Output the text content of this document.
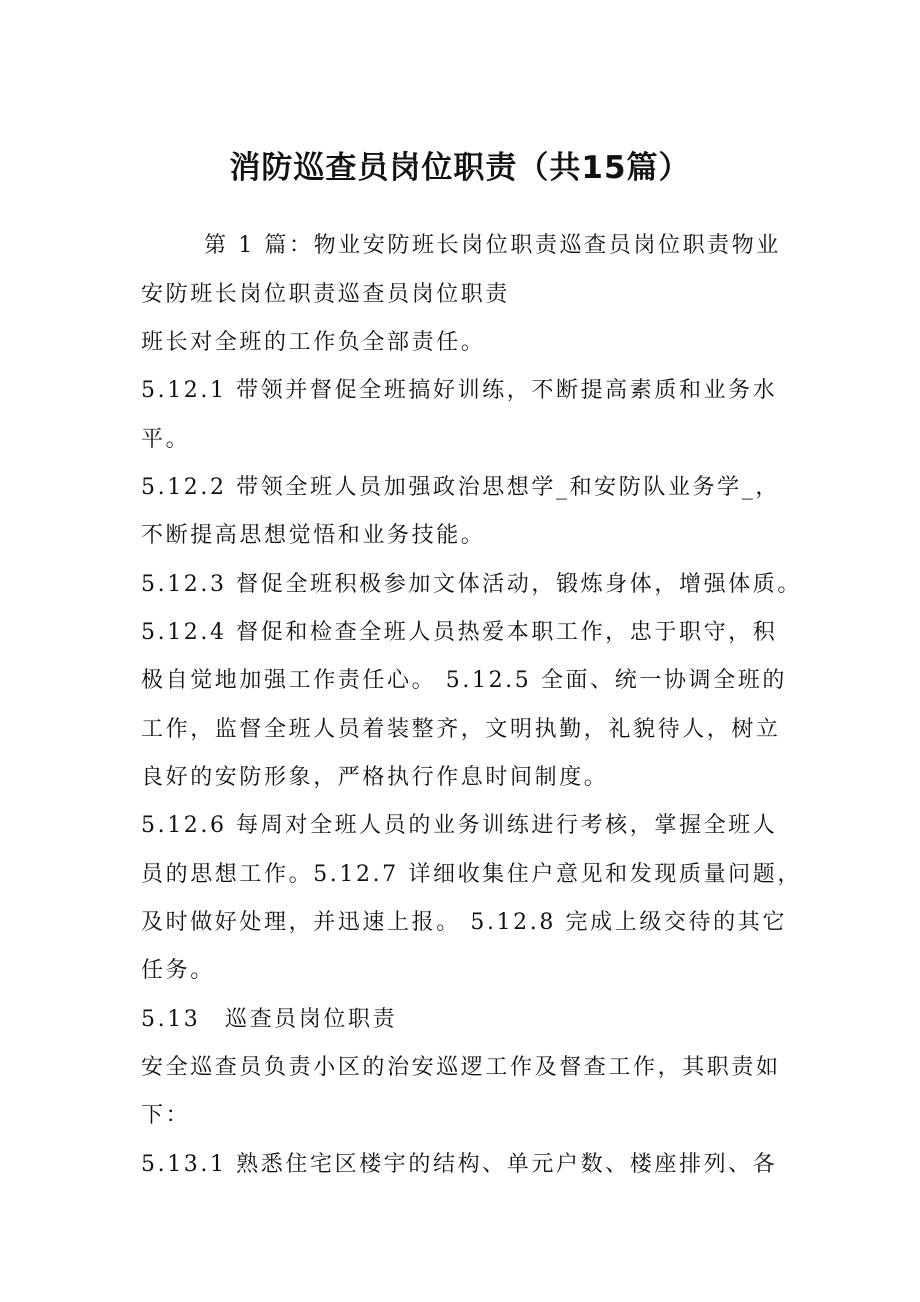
消防巡查员岗位职责（共15篇）
第 1 篇：物业安防班长岗位职责巡查员岗位职责物业
安防班长岗位职责巡查员岗位职责
班长对全班的工作负全部责任。
5.12.1 带领并督促全班搞好训练，不断提高素质和业务水
平。
5.12.2 带领全班人员加强政治思想学_和安防队业务学_，
不断提高思想觉悟和业务技能。
5.12.3 督促全班积极参加文体活动，锻炼身体，增强体质。
5.12.4 督促和检查全班人员热爱本职工作，忠于职守，积
极自觉地加强工作责任心。 5.12.5 全面、统一协调全班的
工作，监督全班人员着装整齐，文明执勤，礼貌待人，树立
良好的安防形象，严格执行作息时间制度。
5.12.6 每周对全班人员的业务训练进行考核，掌握全班人
员的思想工作。5.12.7 详细收集住户意见和发现质量问题，
及时做好处理，并迅速上报。 5.12.8 完成上级交待的其它
任务。
5.13　巡查员岗位职责
安全巡查员负责小区的治安巡逻工作及督查工作，其职责如
下：
5.13.1 熟悉住宅区楼宇的结构、单元户数、楼座排列、各
